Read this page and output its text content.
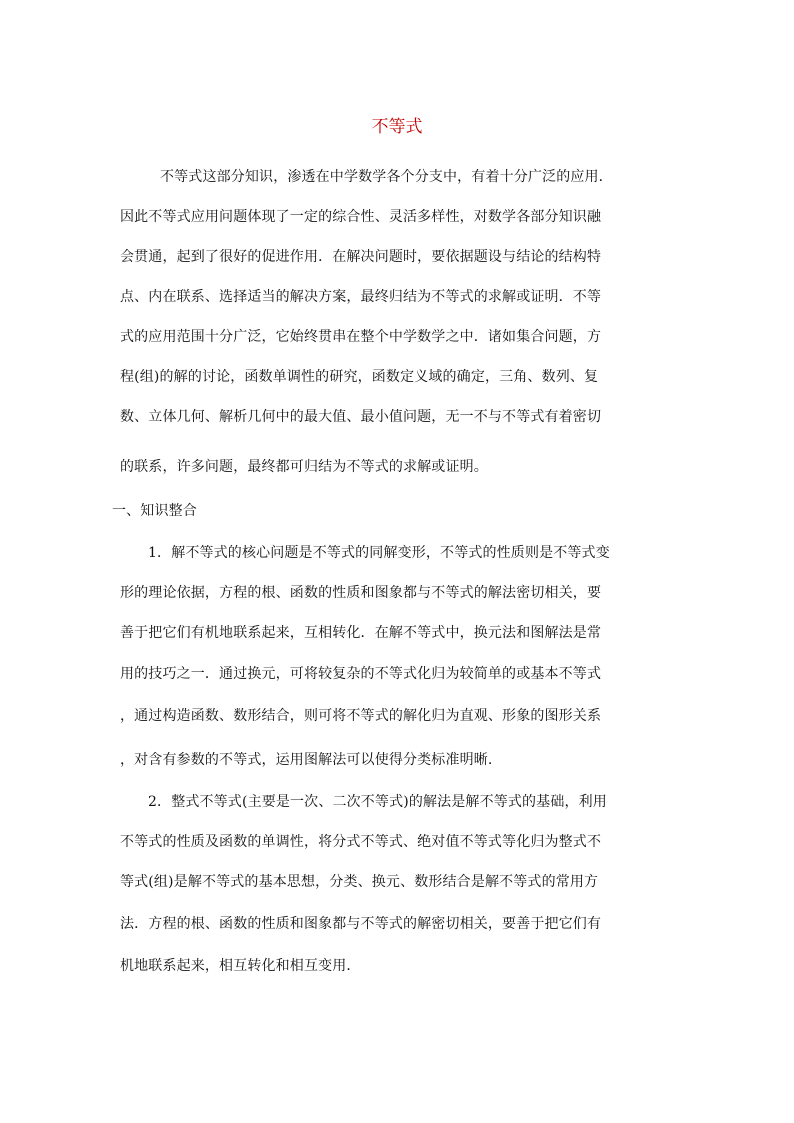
不等式
不等式这部分知识，渗透在中学数学各个分支中，有着十分广泛的应用．
因此不等式应用问题体现了一定的综合性、灵活多样性，对数学各部分知识融
会贯通，起到了很好的促进作用．在解决问题时，要依据题设与结论的结构特
点、内在联系、选择适当的解决方案，最终归结为不等式的求解或证明．不等
式的应用范围十分广泛，它始终贯串在整个中学数学之中．诸如集合问题，方
程(组)的解的讨论，函数单调性的研究，函数定义域的确定，三角、数列、复
数、立体几何、解析几何中的最大值、最小值问题，无一不与不等式有着密切
的联系，许多问题，最终都可归结为不等式的求解或证明。
一、知识整合
1．解不等式的核心问题是不等式的同解变形，不等式的性质则是不等式变
形的理论依据，方程的根、函数的性质和图象都与不等式的解法密切相关，要
善于把它们有机地联系起来，互相转化．在解不等式中，换元法和图解法是常
用的技巧之一．通过换元，可将较复杂的不等式化归为较简单的或基本不等式
，通过构造函数、数形结合，则可将不等式的解化归为直观、形象的图形关系
，对含有参数的不等式，运用图解法可以使得分类标准明晰.
2．整式不等式(主要是一次、二次不等式)的解法是解不等式的基础，利用
不等式的性质及函数的单调性，将分式不等式、绝对值不等式等化归为整式不
等式(组)是解不等式的基本思想，分类、换元、数形结合是解不等式的常用方
法．方程的根、函数的性质和图象都与不等式的解密切相关，要善于把它们有
机地联系起来，相互转化和相互变用．
